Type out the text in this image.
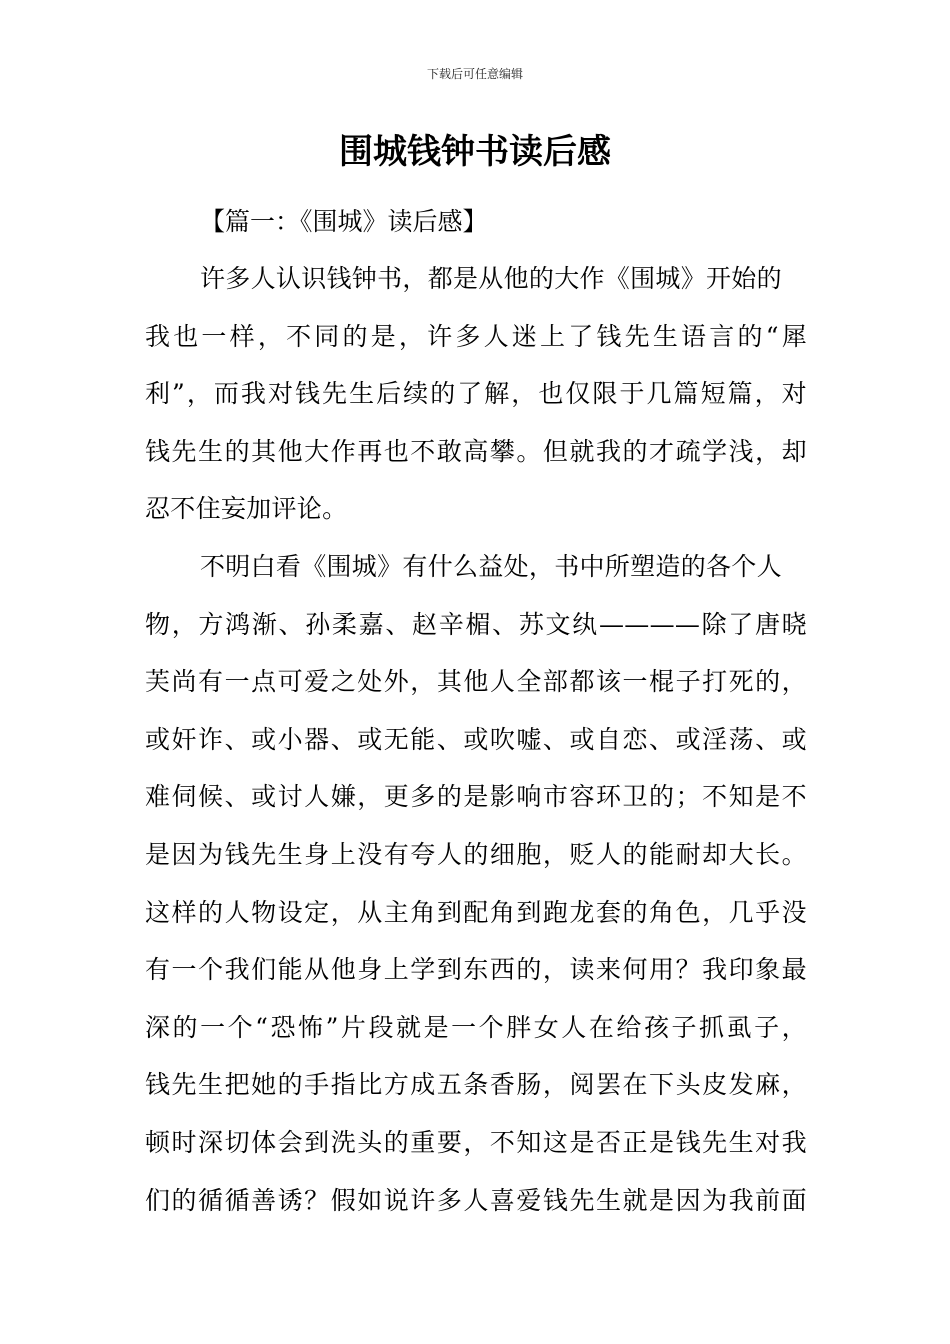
下载后可任意编辑
围城钱钟书读后感
【篇一：《围城》读后感】
许多人认识钱钟书，都是从他的大作《围城》开始的
我也一样，不同的是，许多人迷上了钱先生语言的“犀
利”，而我对钱先生后续的了解，也仅限于几篇短篇，对
钱先生的其他大作再也不敢高攀。但就我的才疏学浅，却
忍不住妄加评论。
不明白看《围城》有什么益处，书中所塑造的各个人
物，方鸿渐、孙柔嘉、赵辛楣、苏文纨————除了唐晓
芙尚有一点可爱之处外，其他人全部都该一棍子打死的，
或奸诈、或小器、或无能、或吹嘘、或自恋、或淫荡、或
难伺候、或讨人嫌，更多的是影响市容环卫的；不知是不
是因为钱先生身上没有夸人的细胞，贬人的能耐却大长。
这样的人物设定，从主角到配角到跑龙套的角色，几乎没
有一个我们能从他身上学到东西的，读来何用？我印象最
深的一个“恐怖”片段就是一个胖女人在给孩子抓虱子，
钱先生把她的手指比方成五条香肠，阅罢在下头皮发麻，
顿时深切体会到洗头的重要，不知这是否正是钱先生对我
们的循循善诱？假如说许多人喜爱钱先生就是因为我前面
